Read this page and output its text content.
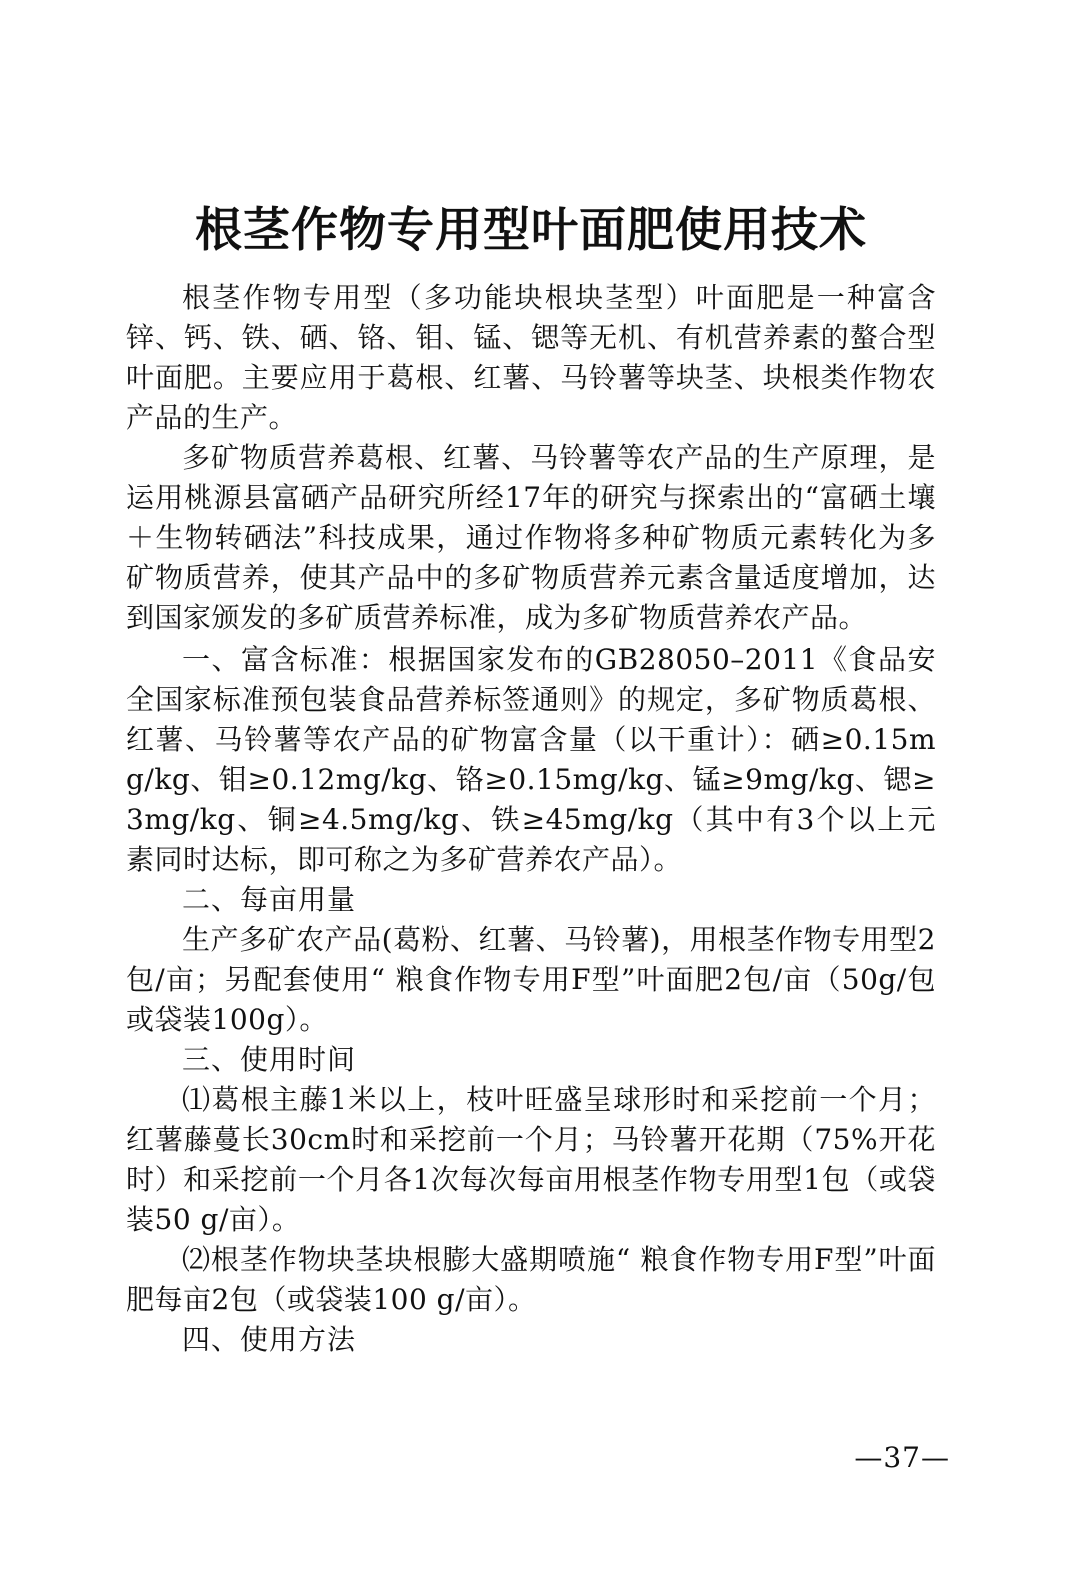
根茎作物专用型叶面肥使用技术

根茎作物专用型（多功能块根块茎型）叶面肥是一种富含锌、钙、铁、硒、铬、钼、锰、锶等无机、有机营养素的螯合型叶面肥。主要应用于葛根、红薯、马铃薯等块茎、块根类作物农产品的生产。

多矿物质营养葛根、红薯、马铃薯等农产品的生产原理，是运用桃源县富硒产品研究所经17年的研究与探索出的“富硒土壤＋生物转硒法”科技成果，通过作物将多种矿物质元素转化为多矿物质营养，使其产品中的多矿物质营养元素含量适度增加，达到国家颁发的多矿质营养标准，成为多矿物质营养农产品。

一、富含标准：根据国家发布的GB28050–2011《食品安全国家标准预包装食品营养标签通则》的规定，多矿物质葛根、红薯、马铃薯等农产品的矿物富含量（以干重计）：硒≥0.15mg/kg、钼≥0.12mg/kg、铬≥0.15mg/kg、锰≥9mg/kg、锶≥3mg/kg、铜≥4.5mg/kg、铁≥45mg/kg（其中有3个以上元素同时达标，即可称之为多矿营养农产品）。

二、每亩用量

生产多矿农产品(葛粉、红薯、马铃薯)，用根茎作物专用型2包/亩；另配套使用“ 粮食作物专用F型”叶面肥2包/亩（50g/包或袋装100g）。

三、使用时间

⑴葛根主藤1米以上，枝叶旺盛呈球形时和采挖前一个月；红薯藤蔓长30cm时和采挖前一个月；马铃薯开花期（75%开花时）和采挖前一个月各1次每次每亩用根茎作物专用型1包（或袋装50 g/亩）。

⑵根茎作物块茎块根膨大盛期喷施“ 粮食作物专用F型”叶面肥每亩2包（或袋装100 g/亩）。

四、使用方法

—37—
